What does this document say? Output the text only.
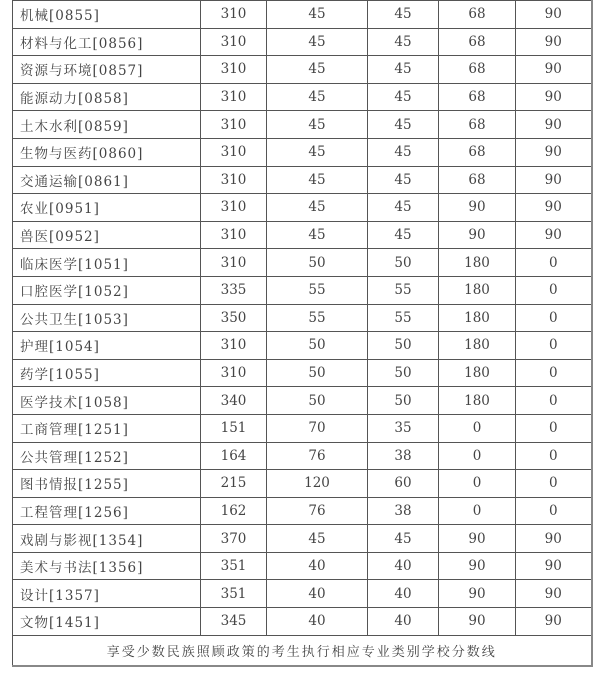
机械[0855]	310	45	45	68	90
材料与化工[0856]	310	45	45	68	90
资源与环境[0857]	310	45	45	68	90
能源动力[0858]	310	45	45	68	90
土木水利[0859]	310	45	45	68	90
生物与医药[0860]	310	45	45	68	90
交通运输[0861]	310	45	45	68	90
农业[0951]	310	45	45	90	90
兽医[0952]	310	45	45	90	90
临床医学[1051]	310	50	50	180	0
口腔医学[1052]	335	55	55	180	0
公共卫生[1053]	350	55	55	180	0
护理[1054]	310	50	50	180	0
药学[1055]	310	50	50	180	0
医学技术[1058]	340	50	50	180	0
工商管理[1251]	151	70	35	0	0
公共管理[1252]	164	76	38	0	0
图书情报[1255]	215	120	60	0	0
工程管理[1256]	162	76	38	0	0
戏剧与影视[1354]	370	45	45	90	90
美术与书法[1356]	351	40	40	90	90
设计[1357]	351	40	40	90	90
文物[1451]	345	40	40	90	90
享受少数民族照顾政策的考生执行相应专业类别学校分数线					
